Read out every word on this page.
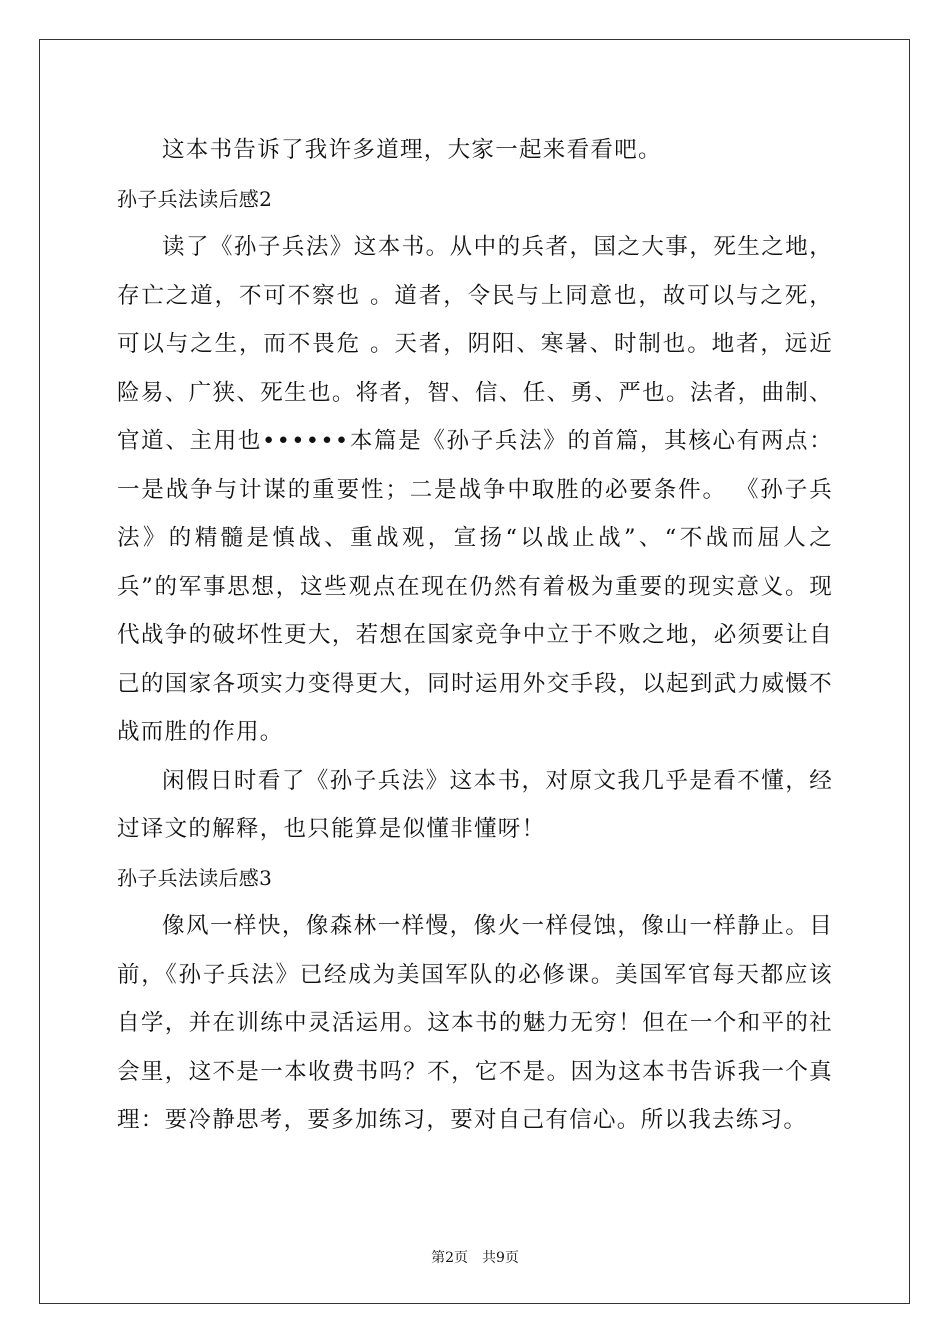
这本书告诉了我许多道理，大家一起来看看吧。

孙子兵法读后感2

读了《孙子兵法》这本书。从中的兵者，国之大事，死生之地，存亡之道，不可不察也 。道者，令民与上同意也，故可以与之死，可以与之生，而不畏危 。天者，阴阳、寒暑、时制也。地者，远近险易、广狭、死生也。将者，智、信、任、勇、严也。法者，曲制、官道、主用也••••••本篇是《孙子兵法》的首篇，其核心有两点：一是战争与计谋的重要性；二是战争中取胜的必要条件。 《孙子兵法》的精髓是慎战、重战观，宣扬“以战止战”、“不战而屈人之兵”的军事思想，这些观点在现在仍然有着极为重要的现实意义。现代战争的破坏性更大，若想在国家竞争中立于不败之地，必须要让自己的国家各项实力变得更大，同时运用外交手段，以起到武力威慑不战而胜的作用。

闲假日时看了《孙子兵法》这本书，对原文我几乎是看不懂，经过译文的解释，也只能算是似懂非懂呀！

孙子兵法读后感3

像风一样快，像森林一样慢，像火一样侵蚀，像山一样静止。目前，《孙子兵法》已经成为美国军队的必修课。美国军官每天都应该自学，并在训练中灵活运用。这本书的魅力无穷！但在一个和平的社会里，这不是一本收费书吗？不，它不是。因为这本书告诉我一个真理：要冷静思考，要多加练习，要对自己有信心。所以我去练习。

第2页　共9页
